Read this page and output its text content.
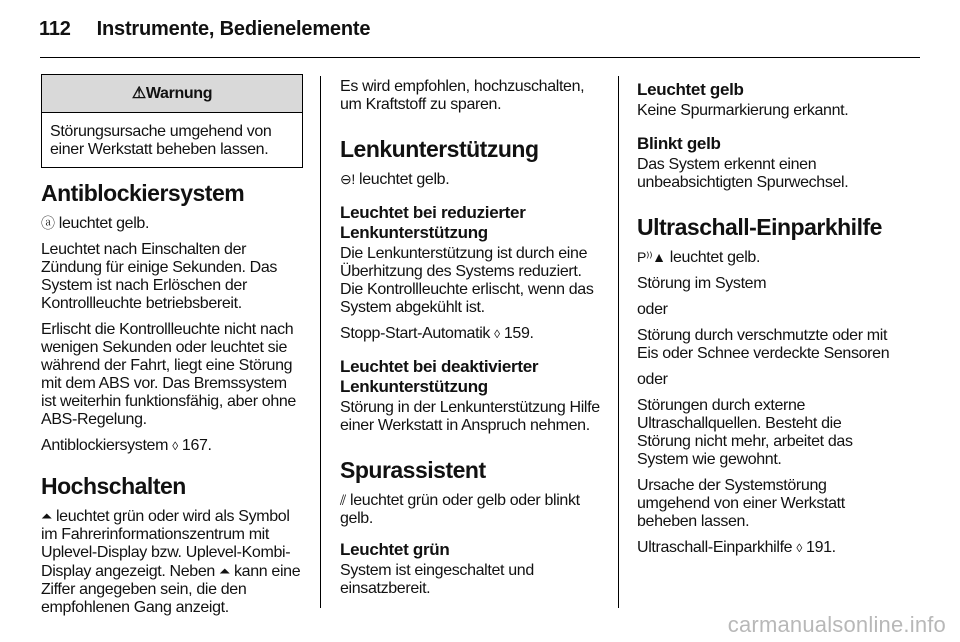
112 Instrumente, Bedienelemente
⚠Warnung
Störungsursache umgehend von einer Werkstatt beheben lassen.
Antiblockiersystem

ⓐ leuchtet gelb.

Leuchtet nach Einschalten der Zündung für einige Sekunden. Das System ist nach Erlöschen der Kontrollleuchte betriebsbereit.

Erlischt die Kontrollleuchte nicht nach wenigen Sekunden oder leuchtet sie während der Fahrt, liegt eine Störung mit dem ABS vor. Das Bremssystem ist weiterhin funktionsfähig, aber ohne ABS-Regelung.

Antiblockiersystem ◊ 167.

Hochschalten

⏶ leuchtet grün oder wird als Symbol im Fahrerinformationszentrum mit Uplevel-Display bzw. Uplevel-Kombi-Display angezeigt. Neben ⏶ kann eine Ziffer angegeben sein, die den empfohlenen Gang anzeigt.

Es wird empfohlen, hochzuschalten, um Kraftstoff zu sparen.

Lenkunterstützung

⊖! leuchtet gelb.

Leuchtet bei reduzierter Lenkunterstützung

Die Lenkunterstützung ist durch eine Überhitzung des Systems reduziert. Die Kontrollleuchte erlischt, wenn das System abgekühlt ist.

Stopp-Start-Automatik ◊ 159.

Leuchtet bei deaktivierter Lenkunterstützung

Störung in der Lenkunterstützung Hilfe einer Werkstatt in Anspruch nehmen.

Spurassistent

⫽ leuchtet grün oder gelb oder blinkt gelb.

Leuchtet grün

System ist eingeschaltet und einsatzbereit.

Leuchtet gelb

Keine Spurmarkierung erkannt.

Blinkt gelb

Das System erkennt einen unbeabsichtigten Spurwechsel.

Ultraschall-Einparkhilfe

P⁾⁾▲ leuchtet gelb.

Störung im System

oder

Störung durch verschmutzte oder mit Eis oder Schnee verdeckte Sensoren

oder

Störungen durch externe Ultraschallquellen. Besteht die Störung nicht mehr, arbeitet das System wie gewohnt.

Ursache der Systemstörung umgehend von einer Werkstatt beheben lassen.

Ultraschall-Einparkhilfe ◊ 191.

carmanualsonline.info
